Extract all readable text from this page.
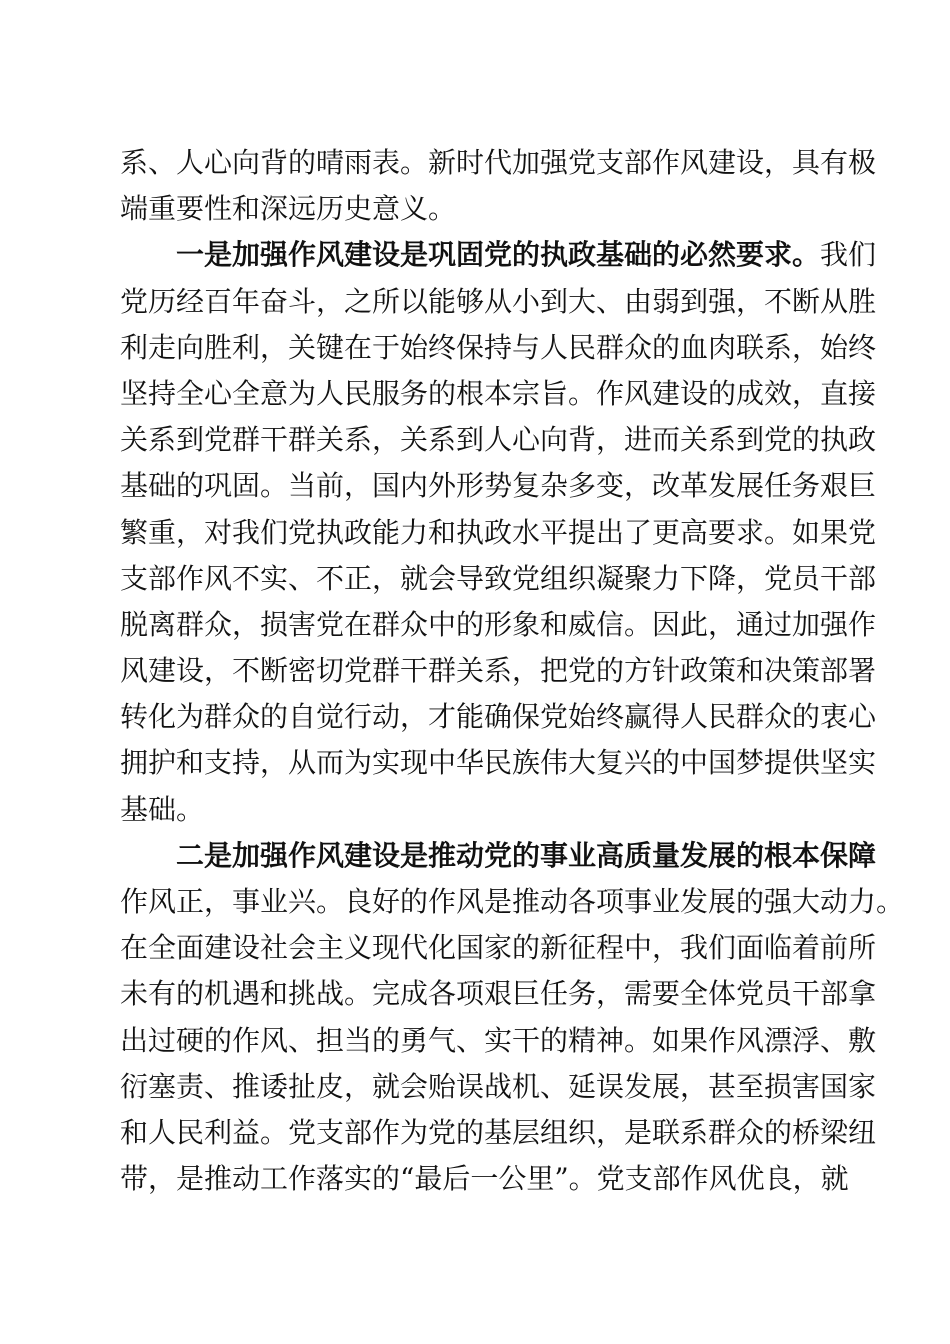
系、人心向背的晴雨表。新时代加强党支部作风建设，具有极
端重要性和深远历史意义。
一是加强作风建设是巩固党的执政基础的必然要求。我们
党历经百年奋斗，之所以能够从小到大、由弱到强，不断从胜
利走向胜利，关键在于始终保持与人民群众的血肉联系，始终
坚持全心全意为人民服务的根本宗旨。作风建设的成效，直接
关系到党群干群关系，关系到人心向背，进而关系到党的执政
基础的巩固。当前，国内外形势复杂多变，改革发展任务艰巨
繁重，对我们党执政能力和执政水平提出了更高要求。如果党
支部作风不实、不正，就会导致党组织凝聚力下降，党员干部
脱离群众，损害党在群众中的形象和威信。因此，通过加强作
风建设，不断密切党群干群关系，把党的方针政策和决策部署
转化为群众的自觉行动，才能确保党始终赢得人民群众的衷心
拥护和支持，从而为实现中华民族伟大复兴的中国梦提供坚实
基础。
二是加强作风建设是推动党的事业高质量发展的根本保障
作风正，事业兴。良好的作风是推动各项事业发展的强大动力。
在全面建设社会主义现代化国家的新征程中，我们面临着前所
未有的机遇和挑战。完成各项艰巨任务，需要全体党员干部拿
出过硬的作风、担当的勇气、实干的精神。如果作风漂浮、敷
衍塞责、推诿扯皮，就会贻误战机、延误发展，甚至损害国家
和人民利益。党支部作为党的基层组织，是联系群众的桥梁纽
带，是推动工作落实的“最后一公里”。党支部作风优良，就
